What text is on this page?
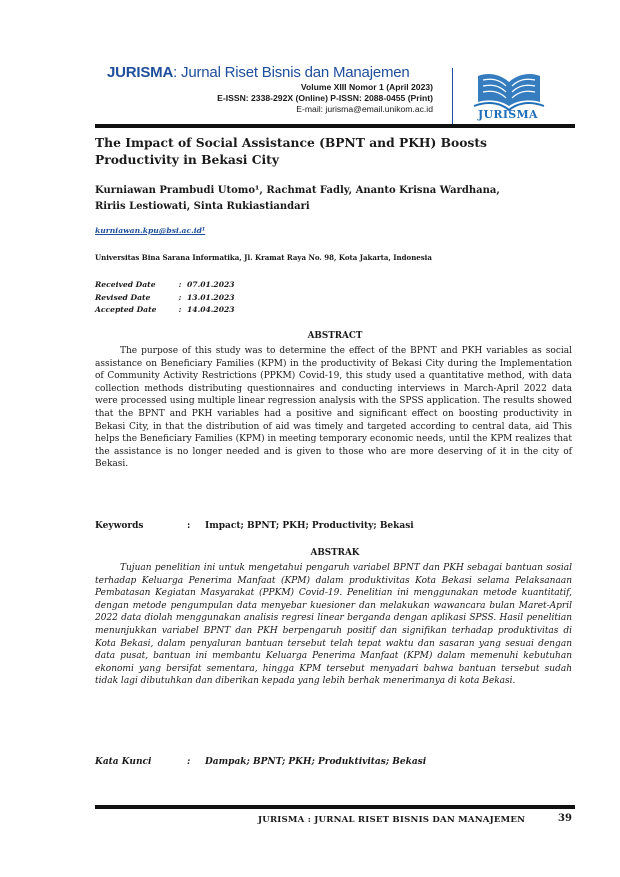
JURISMA: Jurnal Riset Bisnis dan Manajemen
Volume XIII Nomor 1 (April 2023)
E-ISSN: 2338-292X (Online) P-ISSN: 2088-0455 (Print)
E-mail: jurisma@email.unikom.ac.id	JURISMA
The Impact of Social Assistance (BPNT and PKH) Boosts Productivity in Bekasi City
Kurniawan Prambudi Utomo¹, Rachmat Fadly, Ananto Krisna Wardhana,
Ririis Lestiowati, Sinta Rukiastiandari
kurniawan.kpu@bsi.ac.id¹
Universitas Bina Sarana Informatika, Jl. Kramat Raya No. 98, Kota Jakarta, Indonesia
Received Date	: 07.01.2023
Revised Date	: 13.01.2023
Accepted Date	: 14.04.2023
ABSTRACT
The purpose of this study was to determine the effect of the BPNT and PKH variables as social assistance on Beneficiary Families (KPM) in the productivity of Bekasi City during the Implementation of Community Activity Restrictions (PPKM) Covid-19, this study used a quantitative method, with data collection methods distributing questionnaires and conducting interviews in March-April 2022 data were processed using multiple linear regression analysis with the SPSS application. The results showed that the BPNT and PKH variables had a positive and significant effect on boosting productivity in Bekasi City, in that the distribution of aid was timely and targeted according to central data, aid This helps the Beneficiary Families (KPM) in meeting temporary economic needs, until the KPM realizes that the assistance is no longer needed and is given to those who are more deserving of it in the city of Bekasi.
Keywords	:	Impact; BPNT; PKH; Productivity; Bekasi
ABSTRAK
Tujuan penelitian ini untuk mengetahui pengaruh variabel BPNT dan PKH sebagai bantuan sosial terhadap Keluarga Penerima Manfaat (KPM) dalam produktivitas Kota Bekasi selama Pelaksanaan Pembatasan Kegiatan Masyarakat (PPKM) Covid-19. Penelitian ini menggunakan metode kuantitatif, dengan metode pengumpulan data menyebar kuesioner dan melakukan wawancara bulan Maret-April 2022 data diolah menggunakan analisis regresi linear berganda dengan aplikasi SPSS. Hasil penelitian menunjukkan variabel BPNT dan PKH berpengaruh positif dan signifikan terhadap produktivitas di Kota Bekasi, dalam penyaluran bantuan tersebut telah tepat waktu dan sasaran yang sesuai dengan data pusat, bantuan ini membantu Keluarga Penerima Manfaat (KPM) dalam memenuhi kebutuhan ekonomi yang bersifat sementara, hingga KPM tersebut menyadari bahwa bantuan tersebut sudah tidak lagi dibutuhkan dan diberikan kepada yang lebih berhak menerimanya di kota Bekasi.
Kata Kunci	:	Dampak; BPNT; PKH; Produktivitas; Bekasi
JURISMA : JURNAL RISET BISNIS DAN MANAJEMEN	39
